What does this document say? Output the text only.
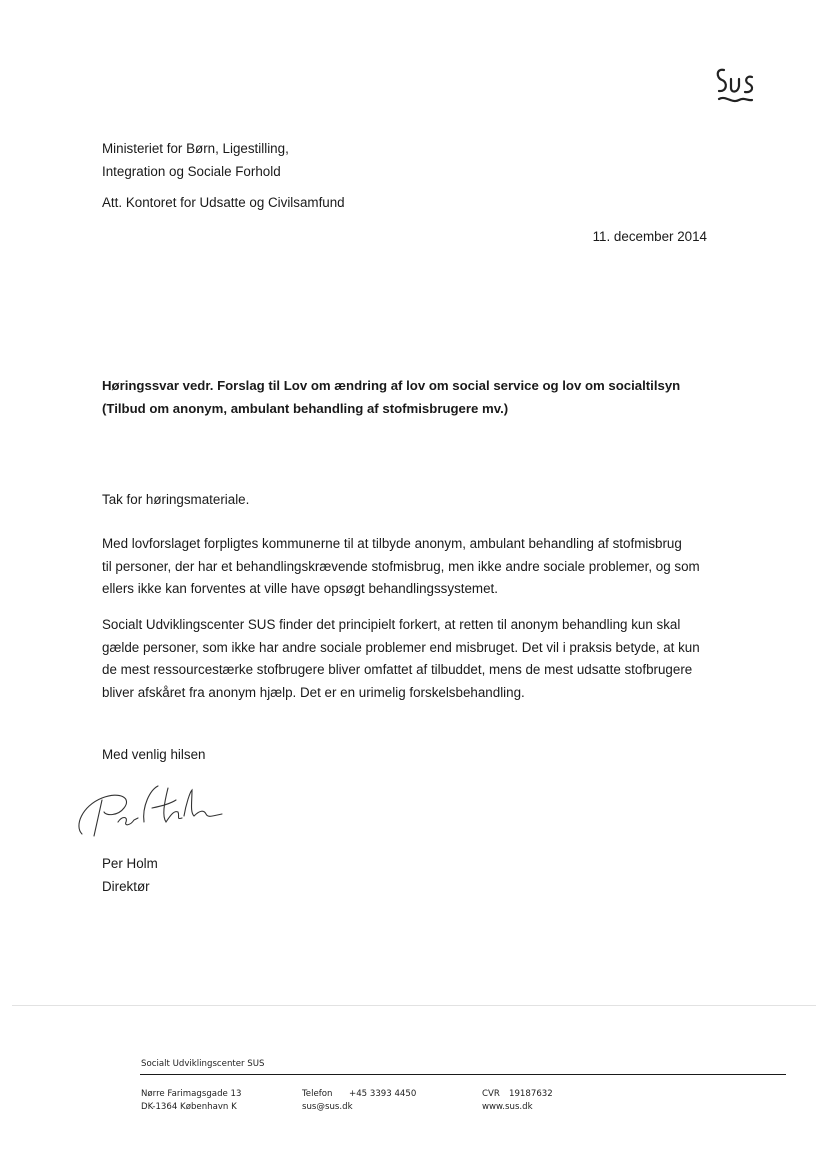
Ministeriet for Børn, Ligestilling,
Integration og Sociale Forhold
Att. Kontoret for Udsatte og Civilsamfund
11. december 2014
Høringssvar vedr. Forslag til Lov om ændring af lov om social service og lov om socialtilsyn
(Tilbud om anonym, ambulant behandling af stofmisbrugere mv.)
Tak for høringsmateriale.
Med lovforslaget forpligtes kommunerne til at tilbyde anonym, ambulant behandling af stofmisbrug
til personer, der har et behandlingskrævende stofmisbrug, men ikke andre sociale problemer, og som
ellers ikke kan forventes at ville have opsøgt behandlingssystemet.
Socialt Udviklingscenter SUS finder det principielt forkert, at retten til anonym behandling kun skal
gælde personer, som ikke har andre sociale problemer end misbruget. Det vil i praksis betyde, at kun
de mest ressourcestærke stofbrugere bliver omfattet af tilbuddet, mens de mest udsatte stofbrugere
bliver afskåret fra anonym hjælp. Det er en urimelig forskelsbehandling.
Med venlig hilsen
Per Holm
Direktør
Socialt Udviklingscenter SUS
Nørre Farimagsgade 13
DK-1364 København K
Telefon +45 3393 4450
sus@sus.dk
CVR 19187632
www.sus.dk
